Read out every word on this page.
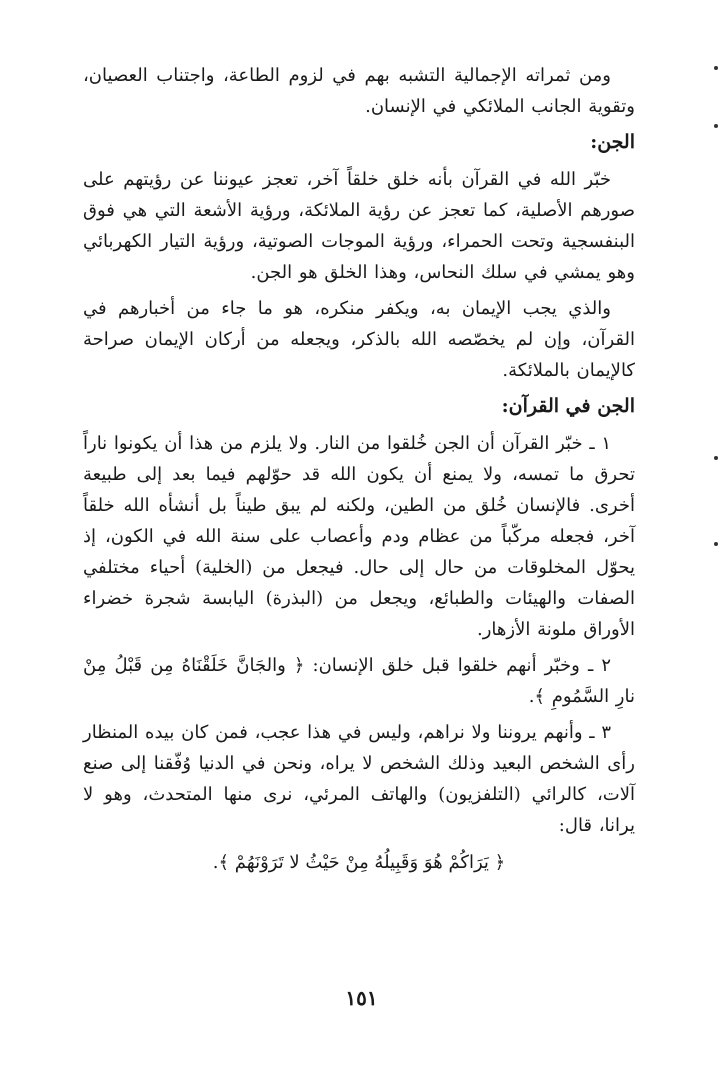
ومن ثمراته الإجمالية التشبه بهم في لزوم الطاعة، واجتناب العصيان، وتقوية الجانب الملائكي في الإنسان.

الجن:

خبّر الله في القرآن بأنه خلق خلقاً آخر، تعجز عيوننا عن رؤيتهم على صورهم الأصلية، كما تعجز عن رؤية الملائكة، ورؤية الأشعة التي هي فوق البنفسجية وتحت الحمراء، ورؤية الموجات الصوتية، ورؤية التيار الكهربائي وهو يمشي في سلك النحاس، وهذا الخلق هو الجن.

والذي يجب الإيمان به، ويكفر منكره، هو ما جاء من أخبارهم في القرآن، وإن لم يخصّصه الله بالذكر، ويجعله من أركان الإيمان صراحة كالإيمان بالملائكة.

الجن في القرآن:

١ ـ خبّر القرآن أن الجن خُلقوا من النار. ولا يلزم من هذا أن يكونوا ناراً تحرق ما تمسه، ولا يمنع أن يكون الله قد حوّلهم فيما بعد إلى طبيعة أخرى. فالإنسان خُلق من الطين، ولكنه لم يبق طيناً بل أنشأه الله خلقاً آخر، فجعله مركّباً من عظام ودم وأعصاب على سنة الله في الكون، إذ يحوّل المخلوقات من حال إلى حال. فيجعل من (الخلية) أحياء مختلفي الصفات والهيئات والطبائع، ويجعل من (البذرة) اليابسة شجرة خضراء الأوراق ملونة الأزهار.

٢ ـ وخبّر أنهم خلقوا قبل خلق الإنسان: ﴿ والجَانَّ خَلَقْنَاهُ مِن قَبْلُ مِنْ نارِ السَّمُومِ ﴾.

٣ ـ وأنهم يروننا ولا نراهم، وليس في هذا عجب، فمن كان بيده المنظار رأى الشخص البعيد وذلك الشخص لا يراه، ونحن في الدنيا وُفّقنا إلى صنع آلات، كالرائي (التلفزيون) والهاتف المرئي، نرى منها المتحدث، وهو لا يرانا، قال:

﴿ يَرَاكُمْ هُوَ وَقَبِيلُهُ مِنْ حَيْثُ لا تَرَوْنَهُمْ ﴾.
١٥١
